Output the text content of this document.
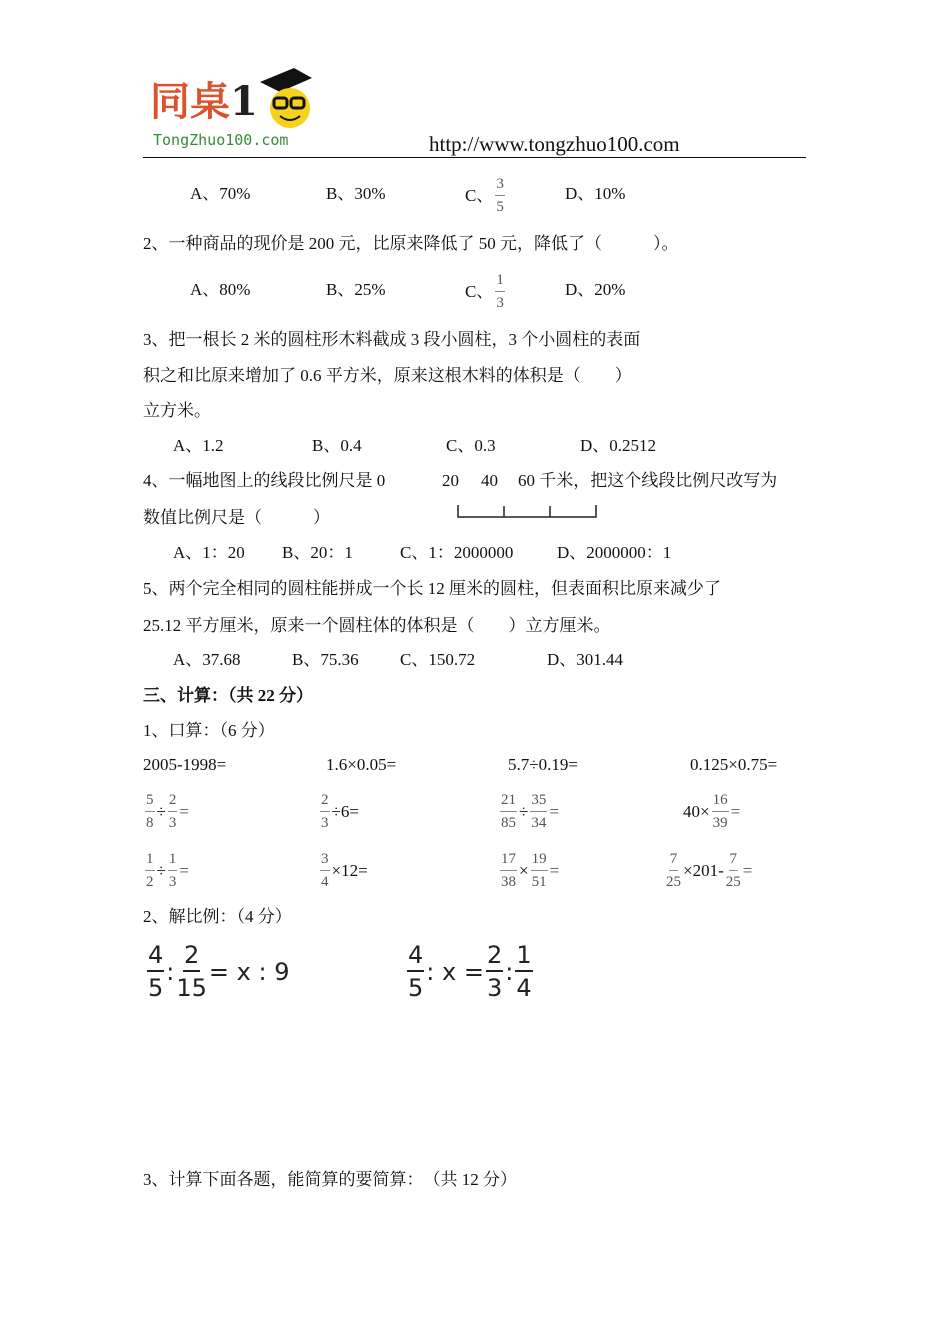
同桌1
TongZhuo100.com	http://www.tongzhuo100.com
A、70%	B、30%	C、 $\frac{3}{5}$	D、10%
2、一种商品的现价是 200 元，比原来降低了 50 元，降低了（　　　）。
A、80%	B、25%	C、 $\frac{1}{3}$	D、20%
3、把一根长 2 米的圆柱形木料截成 3 段小圆柱，3 个小圆柱的表面
积之和比原来增加了 0.6 平方米，原来这根木料的体积是（　　）
立方米。
A、1.2	B、0.4	C、0.3	D、0.2512
4、一幅地图上的线段比例尺是 0	20 40 60 千米，把这个线段比例尺改写为
数值比例尺是（　　　）
A、1：20 B、20：1	C、1：2000000	D、2000000：1
5、两个完全相同的圆柱能拼成一个长 12 厘米的圆柱，但表面积比原来减少了
25.12 平方厘米，原来一个圆柱体的体积是（　　）立方厘米。
A、37.68	B、75.36 C、150.72	D、301.44
三、计算：（共 22 分）
1、口算：（6 分）
2005-1998=	1.6×0.05=	5.7÷0.19=	0.125×0.75=
$\frac{5}{8} \div \frac{2}{3}$ =	$\frac{2}{3} \div 6=$	$\frac{21}{85} \div \frac{35}{34}$ =	$40\times \frac{16}{39}$ =
$\frac{1}{2} \div \frac{1}{3}$ =	$\frac{3}{4} \times 12=$	$\frac{17}{38} \times \frac{19}{51}$ =	$\frac{7}{25} \times 201- \frac{7}{25}$ =
2、解比例：（4 分）
$\frac{4}{5}$ : $\frac{2}{15} = x$ : 9	$\frac{4}{5}$ : $x = \frac{2}{3}$ : $\frac{1}{4}$
3、计算下面各题，能简算的要简算：　（共 12 分）
